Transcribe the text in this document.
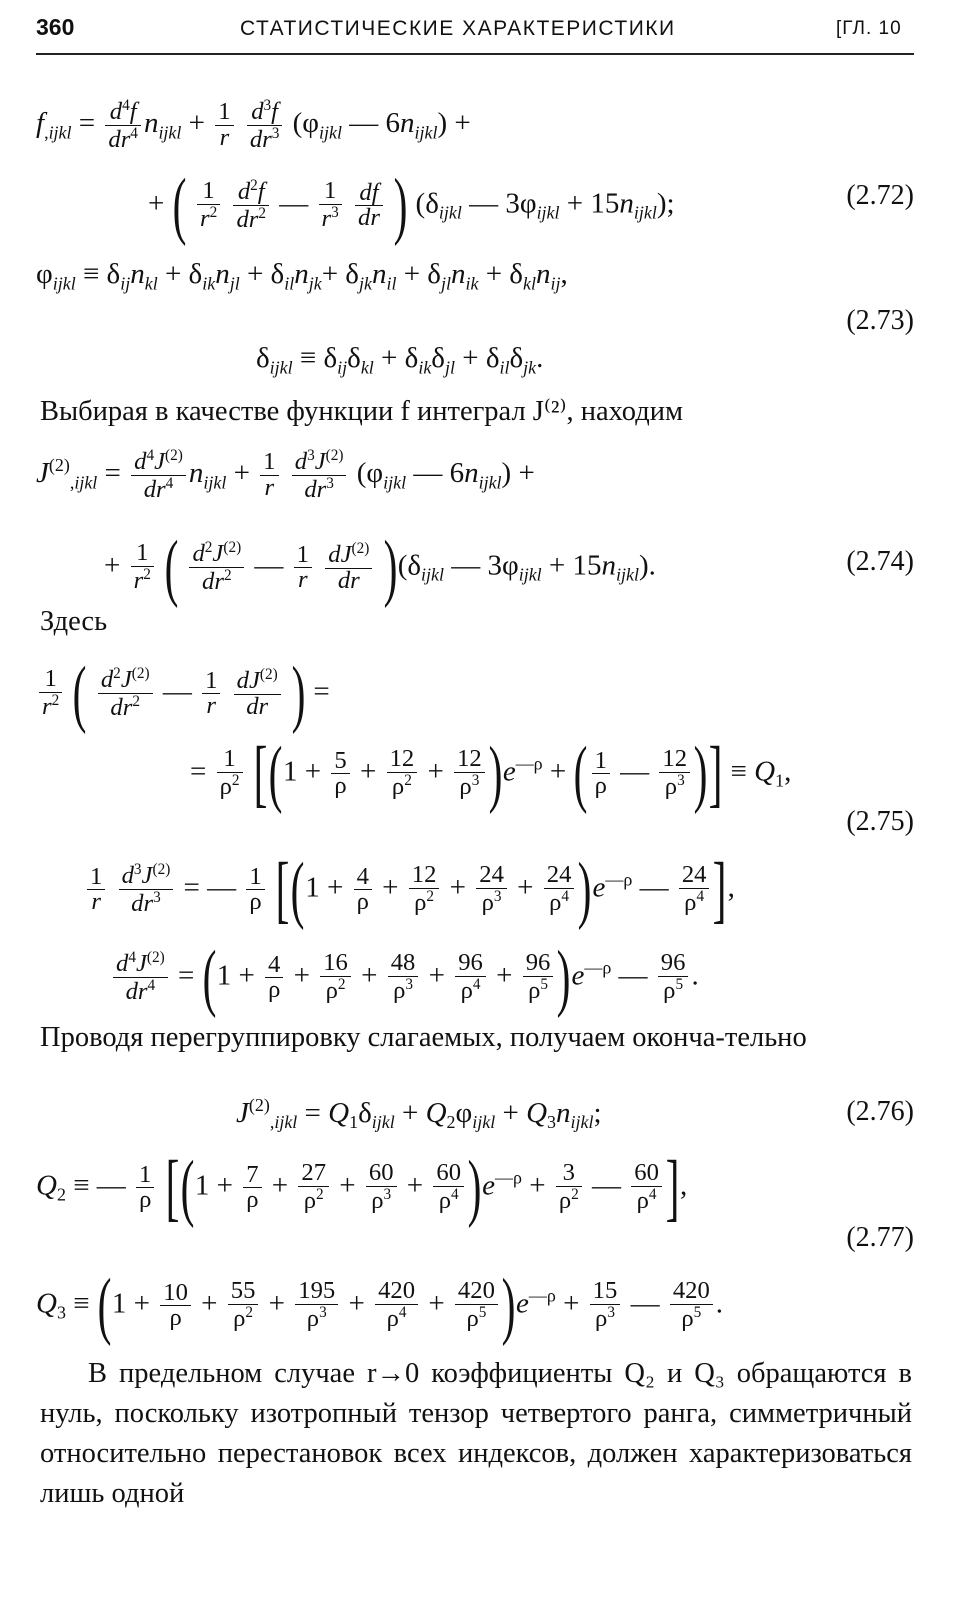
360	СТАТИСТИЧЕСКИЕ ХАРАКТЕРИСТИКИ	[ГЛ. 10
$f_{,ijkl} = \frac{d^4f}{dr^4} n_{ijkl} + \frac{1}{r}$
$\frac{d^3f}{dr^3} (\varphi_{ijkl}$ — $6n_{ijkl}$) +
+ ( $\frac{1}{r^2}$
$\frac{d^2f}{dr^2}$ — $\frac{1}{r^3}$
$\frac{df}{dr}$ ) ($\delta_{ijkl}$ — $3\varphi_{ijkl} + 15n_{ijkl}$);	(2.72)
$\varphi_{ijkl} \equiv \delta_{ij}n_{kl} + \delta_{ik}n_{jl} + \delta_{il}n_{jk}+ \delta_{jk}n_{il} + \delta_{jl}n_{ik} + \delta_{kl}n_{ij}$,
(2.73)
$\delta_{ijkl} \equiv \delta_{ij}\delta_{kl} + \delta_{ik}\delta_{jl} + \delta_{il}\delta_{jk}$.
Выбирая в качестве функции f интеграл J⁽²⁾, находим
$J^{(2)}_{,ijkl} = \frac{d^4J^{(2)}}{dr^4} n_{ijkl} + \frac{1}{r}$
$\frac{d^3J^{(2)}}{dr^3} (\varphi_{ijkl}$ — $6n_{ijkl}$) +
+ $\frac{1}{r^2}$ ( $\frac{d^2J^{(2)}}{dr^2}$ — $\frac{1}{r}$
$\frac{dJ^{(2)}}{dr} )(\delta_{ijkl}$ — $3\varphi_{ijkl} + 15n_{ijkl}$).	(2.74)
Здесь
$\frac{1}{r^2}$ ( $\frac{d^2J^{(2)}}{dr^2}$ — $\frac{1}{r}$
$\frac{dJ^{(2)}}{dr}$ ) =
= $\frac{1}{\rho^2} [(1 + \frac{5}{\rho} + \frac{12}{\rho^2} + \frac{12}{\rho^3} )e^{—\rho}$ + ( $\frac{1}{\rho}$ — $\frac{12}{\rho^3}$ )] ≡ $Q_1$,
(2.75)
$\frac{1}{r}$
$\frac{d^3J^{(2)}}{dr^3}$ = — $\frac{1}{\rho} [(1 + \frac{4}{\rho} + \frac{12}{\rho^2} + \frac{24}{\rho^3} + \frac{24}{\rho^4} )e^{—\rho}$ — $\frac{24}{\rho^4}$ ],
$\frac{d^4J^{(2)}}{dr^4} = (1 + \frac{4}{\rho} + \frac{16}{\rho^2} + \frac{48}{\rho^3} + \frac{96}{\rho^4} + \frac{96}{\rho^5} )e^{—\rho}$ — $\frac{96}{\rho^5}$ .
Проводя перегруппировку слагаемых, получаем оконча-тельно
$J^{(2)}_{,ijkl} = Q_1\delta_{ijkl} + Q_2\varphi_{ijkl} + Q_3n_{ijkl}$;	(2.76)
$Q_2$ ≡ — $\frac{1}{\rho} [(1 + \frac{7}{\rho} + \frac{27}{\rho^2} + \frac{60}{\rho^3} + \frac{60}{\rho^4} )e^{—\rho} + \frac{3}{\rho^2}$ — $\frac{60}{\rho^4}$ ],
(2.77)
$Q_3 \equiv (1 + \frac{10}{\rho} + \frac{55}{\rho^2} + \frac{195}{\rho^3} + \frac{420}{\rho^4} + \frac{420}{\rho^5} )e^{—\rho} + \frac{15}{\rho^3}$ — $\frac{420}{\rho^5}$ .
В предельном случае r→0 коэффициенты Q₂ и Q₃ обращаются в нуль, поскольку изотропный тензор четвертого ранга, симметричный относительно перестановок всех индексов, должен характеризоваться лишь одной
